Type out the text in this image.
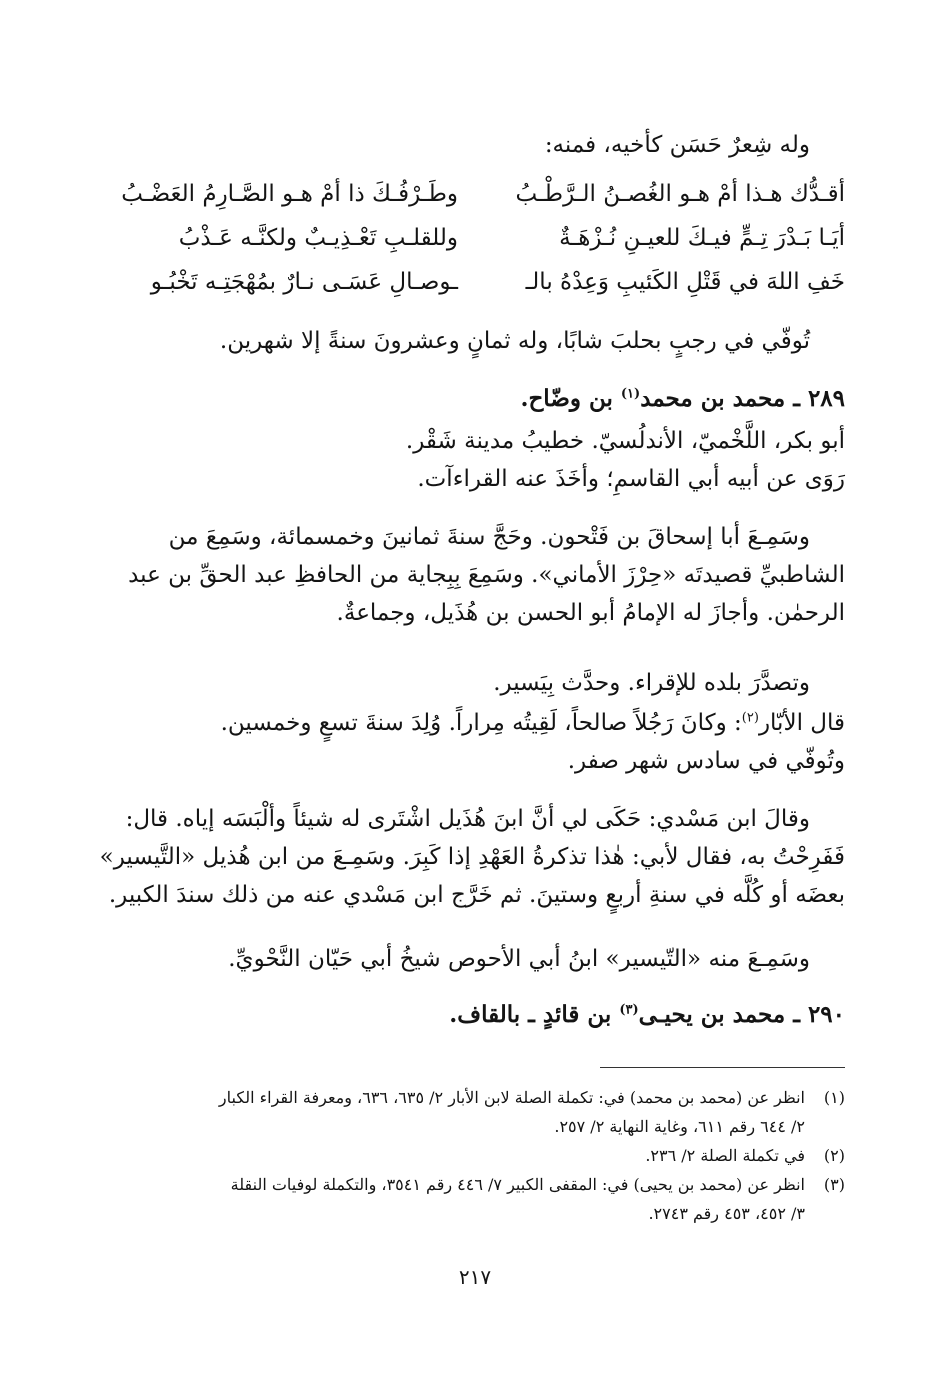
وله شِعرٌ حَسَن كأخيه، فمنه:
أقـدُّك هـذا أمْ هـو الغُصـنُ الـرَّطْـبُ
وطَـرْفُـكَ ذا أمْ هـو الصَّـارِمُ العَضْـبُ
أيَـا بَـدْرَ تِـمٍّ فيـكَ للعيـنِ نُـزْهَـةٌ
وللقلـبِ تَعْـذِيـبٌ ولكنَّـه عَـذْبُ
خَفِ اللهَ في قَتْلِ الكَئيبِ وَعِدْهُ بالـ
ـوصـالِ عَسَـى نـارٌ بمُهْجَتِـه تَخْبُـو
تُوفّي في رجبٍ بحلبَ شابًا، وله ثمانٍ وعشرونَ سنةً إلا شهرين.
٢٨٩ ـ محمد بن محمد$^{(١)}$ بن وضّاح.
أبو بكر، اللَّخْميّ، الأندلُسيّ. خطيبُ مدينة شَقْر.
رَوَى عن أبيه أبي القاسمِ؛ وأخَذَ عنه القراءآت.
وسَمِـعَ أبا إسحاقَ بن فَتْحون. وحَجَّ سنةَ ثمانينَ وخمسمائة، وسَمِعَ من
الشاطبيِّ قصيدتَه «حِرْزَ الأماني». وسَمِعَ بِبِجاية من الحافظِ عبد الحقِّ بن عبد
الرحمٰن. وأجازَ له الإمامُ أبو الحسن بن هُذَيل، وجماعةٌ.
وتصدَّرَ بلده للإقراء. وحدَّث بِيَسير.
قال الأبّار$^{(٢)}$: وكانَ رَجُلاً صالحاً، لَقِيتُه مِراراً. وُلِدَ سنةَ تسعٍ وخمسين.
وتُوفّي في سادس شهر صفر.
وقالَ ابن مَسْدي: حَكَى لي أنَّ ابنَ هُذَيل اشْتَرى له شيئاً وألْبَسَه إياه. قال:
فَفَرِحْتُ به، فقال لأبي: هٰذا تذكرةُ العَهْدِ إذا كَبِرَ. وسَمِـعَ من ابن هُذيل «التَّيسير»
بعضَه أو كُلَّه في سنةِ أربعٍ وستينَ. ثم خَرَّج ابن مَسْدي عنه من ذلك سندَ الكبير.
وسَمِـعَ منه «التّيسير» ابنُ أبي الأحوص شيخُ أبي حَيّان النَّحْويِّ.
٢٩٠ ـ محمد بن يحيـى$^{(٣)}$ بن قائدٍ ـ بالقاف.
(١)
انظر عن (محمد بن محمد) في: تكملة الصلة لابن الأبار ٢/ ٦٣٥، ٦٣٦، ومعرفة القراء الكبار
٢/ ٦٤٤ رقم ٦١١، وغاية النهاية ٢/ ٢٥٧.
(٢)
في تكملة الصلة ٢/ ٢٣٦.
(٣)
انظر عن (محمد بن يحيى) في: المقفى الكبير ٧/ ٤٤٦ رقم ٣٥٤١، والتكملة لوفيات النقلة
٣/ ٤٥٢، ٤٥٣ رقم ٢٧٤٣.
٢١٧
